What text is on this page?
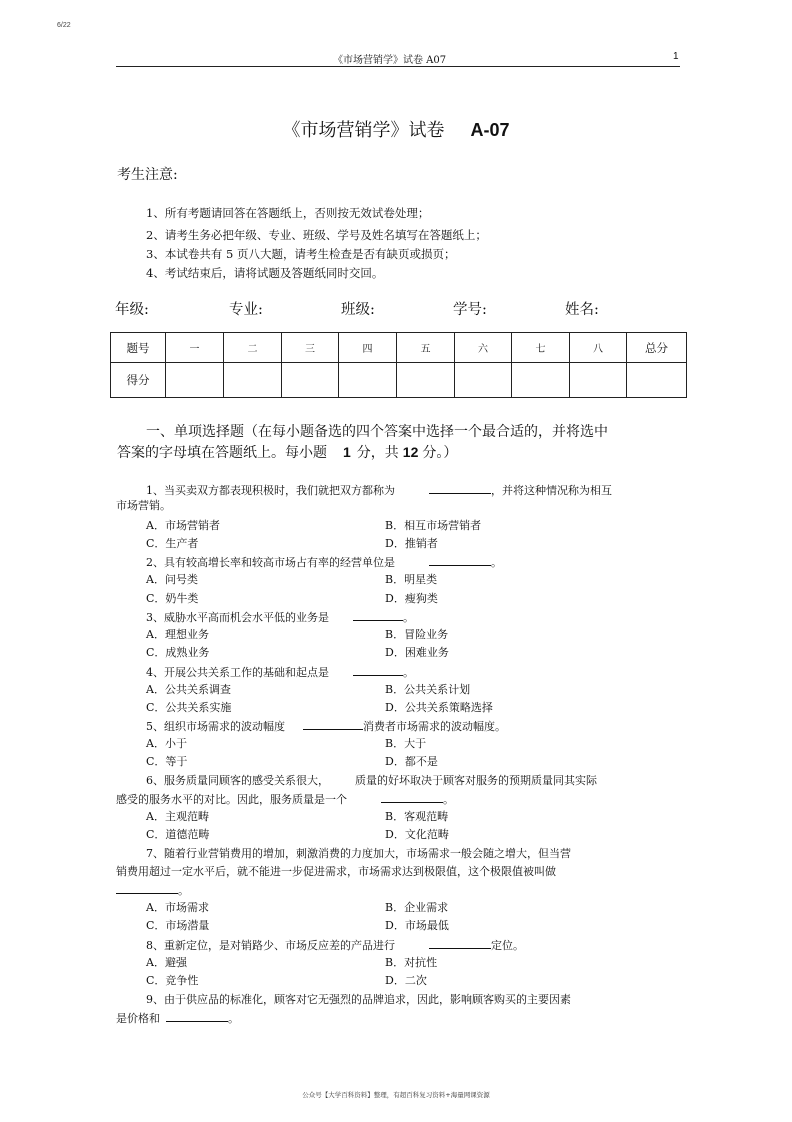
6/22
《市场营销学》试卷 A07	1
《市场营销学》试卷 A-07
考生注意:
1、所有考题请回答在答题纸上，否则按无效试卷处理；
2、请考生务必把年级、专业、班级、学号及姓名填写在答题纸上；
3、本试卷共有 5 页八大题，请考生检查是否有缺页或损页；
4、考试结束后，请将试题及答题纸同时交回。
年级:	专业:	班级:	学号:	姓名:
题号	一	二	三	四	五	六	七	八	总分
得分									
一、单项选择题（在每小题备选的四个答案中选择一个最合适的，并将选中
答案的字母填在答题纸上。每小题 1 分，共 12 分。）
1、当买卖双方都表现积极时，我们就把双方都称为	，并将这种情况称为相互
市场营销。
A．市场营销者	B．相互市场营销者
C．生产者	D．推销者
2、具有较高增长率和较高市场占有率的经营单位是	。
A．问号类	B．明星类
C．奶牛类	D．瘦狗类
3、威胁水平高而机会水平低的业务是	。
A．理想业务	B．冒险业务
C．成熟业务	D．困难业务
4、开展公共关系工作的基础和起点是	。
A．公共关系调查	B．公共关系计划
C．公共关系实施	D．公共关系策略选择
5、组织市场需求的波动幅度	消费者市场需求的波动幅度。
A．小于	B．大于
C．等于	D．都不是
6、服务质量同顾客的感受关系很大， 质量的好坏取决于顾客对服务的预期质量同其实际
感受的服务水平的对比。因此，服务质量是一个	。
A．主观范畴	B．客观范畴
C．道德范畴	D．文化范畴
7、随着行业营销费用的增加，刺激消费的力度加大，市场需求一般会随之增大，但当营
销费用超过一定水平后，就不能进一步促进需求，市场需求达到极限值，这个极限值被叫做
。
A．市场需求	B．企业需求
C．市场潜量	D．市场最低
8、重新定位，是对销路少、市场反应差的产品进行	定位。
A．避强	B．对抗性
C．竞争性	D．二次
9、由于供应品的标准化，顾客对它无强烈的品牌追求，因此，影响顾客购买的主要因素
是价格和	。
公众号【大学百科资料】整理，有超百科复习资料+海量网课资源
